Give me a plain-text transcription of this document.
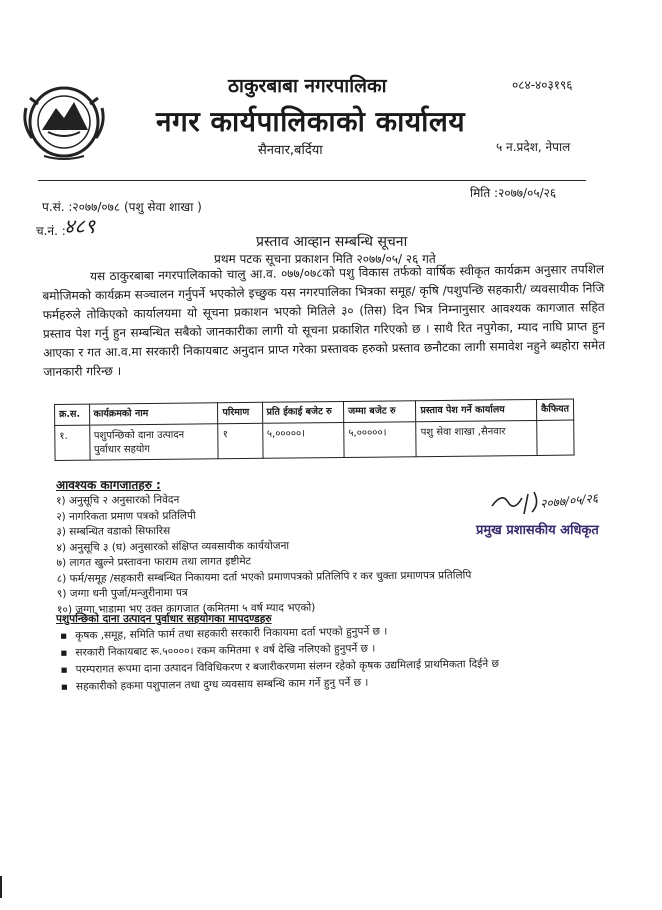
ठाकुरबाबा नगरपालिका
नगर कार्यपालिकाको कार्यालय
सैनवार,बर्दिया
०८४-४०३१९६
५ न.प्रदेश, नेपाल
मिति :२०७७/०५/२६
प.सं. :२०७७/०७८ (पशु सेवा शाखा )
च.नं. :
४८९
प्रस्ताव आव्हान सम्बन्धि सूचना
प्रथम पटक सूचना प्रकाशन मिति २०७७/०५/ २६ गते

यस ठाकुरबाबा नगरपालिकाको चालु आ.व. ०७७/०७८को पशु विकास तर्फको वार्षिक स्वीकृत कार्यक्रम अनुसार तपशिल बमोजिमको कार्यक्रम सञ्चालन गर्नुपर्ने भएकोले इच्छुक यस नगरपालिका भित्रका समूह/ कृषि /पशुपन्छि सहकारी/ व्यवसायीक निजि फर्महरुले तोकिएको कार्यालयमा यो सूचना प्रकाशन भएको मितिले ३० (तिस) दिन भित्र निम्नानुसार आवश्यक कागजात सहित प्रस्ताव पेश गर्नु हुन सम्बन्धित सबैको जानकारीका लागी यो सूचना प्रकाशित गरिएको छ । साथै रित नपुगेका, म्याद नाघि प्राप्त हुन आएका र गत आ.व.मा सरकारी निकायबाट अनुदान प्राप्त गरेका प्रस्तावक हरुको प्रस्ताव छनौटका लागी समावेश नहुने ब्यहोरा समेत जानकारी गरिन्छ ।

क्र.स.	कार्यक्रमको नाम	परिमाण	प्रति ईकाई बजेट रु	जम्मा बजेट रु	प्रस्ताव पेश गर्ने कार्यालय	कैफियत
१.	पशुपन्छिको दाना उत्पादन पुर्वाधार सहयोग	१	५,०००००।	५,०००००।	पशु सेवा शाखा ,सैनवार	
आवश्यक कागजातहरु :
१) अनुसूचि २ अनुसारको निवेदन
२) नागरिकता प्रमाण पत्रको प्रतिलिपी
३) सम्बन्धित वडाको सिफारिस
४) अनुसूचि ३ (घ) अनुसारको संक्षिप्त व्यवसायीक कार्ययोजना
७) लागत खुल्ने प्रस्तावना फाराम तथा लागत इष्टीमेट
८) फर्म/समूह /सहकारी सम्बन्धित निकायमा दर्ता भएको प्रमाणपत्रको प्रतिलिपि र कर चुक्ता प्रमाणपत्र प्रतिलिपि
९) जग्गा धनी पुर्जा/मन्जुरीनामा पत्र
१०) जग्गा भाडामा भए उक्त कागजात (कमितमा ५ वर्ष म्याद भएको)
२०७७/०५/२६
प्रमुख प्रशासकीय अधिकृत
पशुपन्छिको दाना उत्पादन पुर्वाधार सहयोगका मापदण्डहरु
▪ कृषक ,समूह, समिति फार्म तथा सहकारी सरकारी निकायमा दर्ता भएको हुनुपर्ने छ ।
▪ सरकारी निकायबाट रू.५००००। रकम कमितमा १ वर्ष देखि नलिएको हुनुपर्ने छ ।
▪ परम्परागत रूपमा दाना उत्पादन विविधिकरण र बजारीकरणमा संलग्न रहेको कृषक उद्यमिलाई प्राथमिकता दिईने छ
▪ सहकारीको हकमा पशुपालन तथा दुग्ध व्यवसाय सम्बन्धि काम गर्ने हुनु पर्ने छ ।
